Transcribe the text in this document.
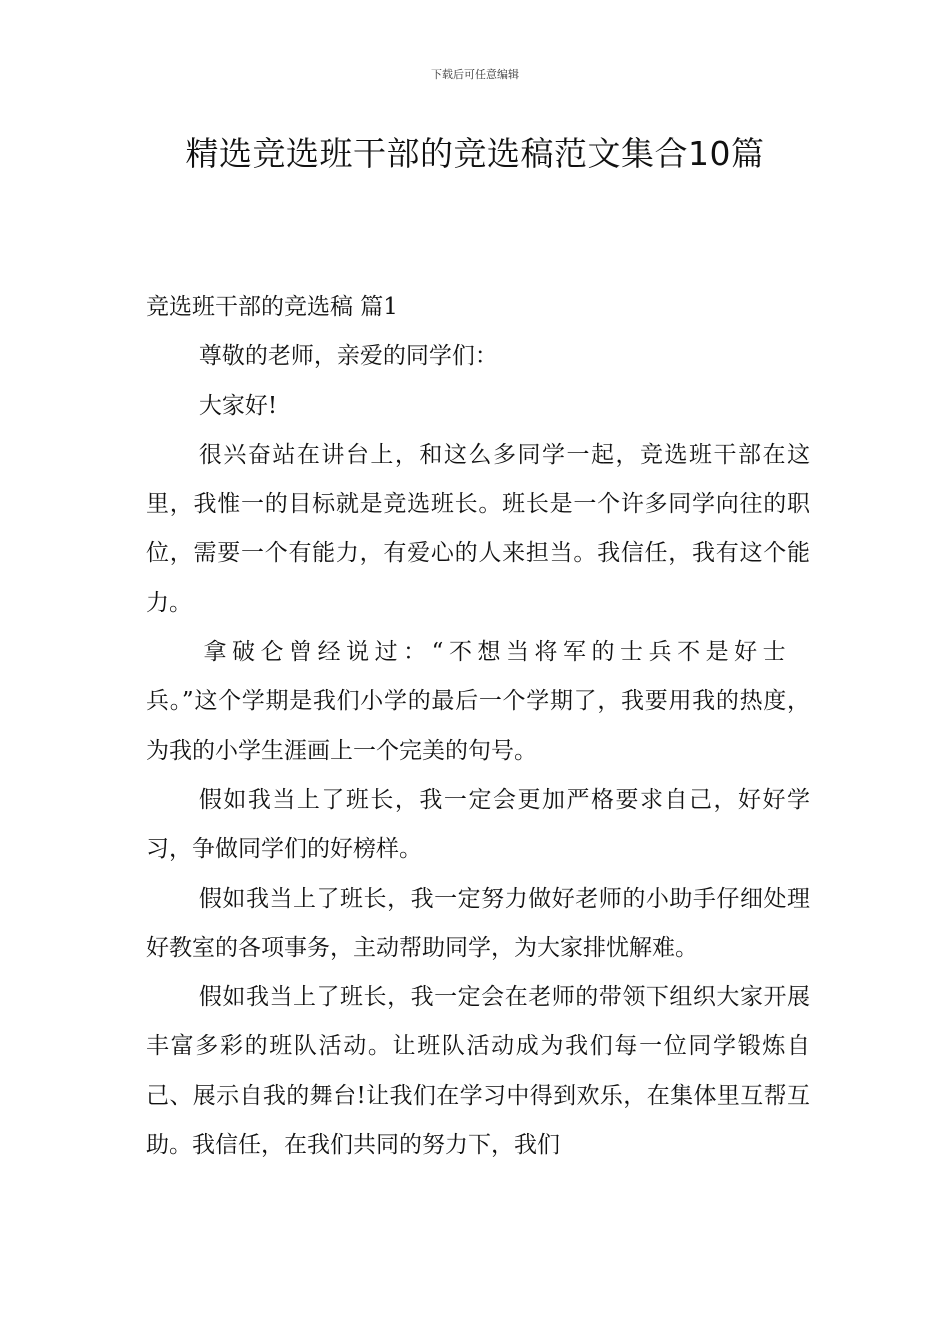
下载后可任意编辑
精选竞选班干部的竞选稿范文集合10篇

竞选班干部的竞选稿 篇1

尊敬的老师，亲爱的同学们：

大家好!

很兴奋站在讲台上，和这么多同学一起，竞选班干部在这里，我惟一的目标就是竞选班长。班长是一个许多同学向往的职位，需要一个有能力，有爱心的人来担当。我信任，我有这个能力。

拿破仑曾经说过：“不想当将军的士兵不是好士

兵。”这个学期是我们小学的最后一个学期了，我要用我的热度，为我的小学生涯画上一个完美的句号。

假如我当上了班长，我一定会更加严格要求自己，好好学习，争做同学们的好榜样。

假如我当上了班长，我一定努力做好老师的小助手仔细处理好教室的各项事务，主动帮助同学，为大家排忧解难。

假如我当上了班长，我一定会在老师的带领下组织大家开展丰富多彩的班队活动。让班队活动成为我们每一位同学锻炼自己、展示自我的舞台!让我们在学习中得到欢乐，在集体里互帮互助。我信任，在我们共同的努力下，我们
